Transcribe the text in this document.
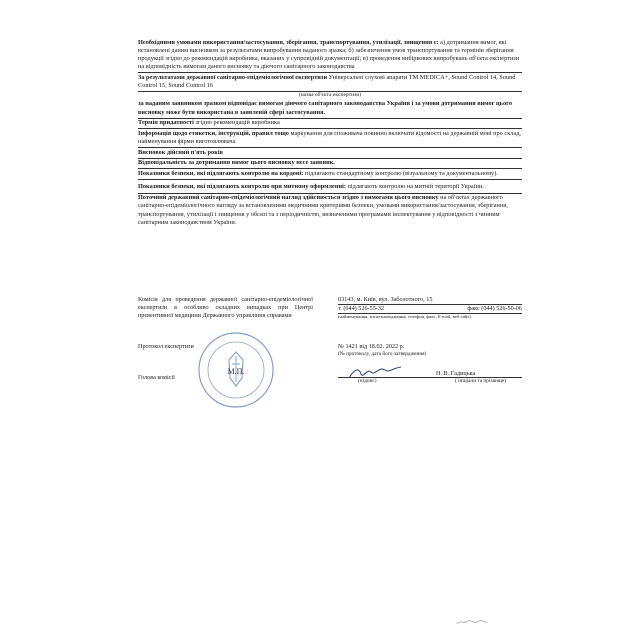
Необхідними умовами використання/застосування, зберігання, транспортування, утилізації, знищення є: а) дотримання вимог, які встановлені даним висновком за результатами випробування наданого зразка; б) забезпечення умов транспортування та термінів зберігання продукції згідно до рекомендацій виробника, вказаних у супровідній документації; в) проведення вибіркових випробувань об'єкта експертизи на відповідність вимогам даного висновку та діючого санітарного законодавства
За результатами державної санітарно-епідеміологічної експертизи Універсальні слухові апарати TM MEDICA+, Sound Control 14, Sound Control 15, Sound Control 16
(назва об'єкта експертизи)
за наданим заявником зразком відповідає вимогам діючого санітарного законодавства України і за умови дотримання вимог цього висновку може бути використана в заявленій сфері застосування.
Термін придатності згідно рекомендацій виробника
Інформація щодо етикетки, інструкцій, правил тощо маркування для споживача повинно включати відомості на державній мові про склад, найменування фірми виготовлювача
Висновок дійсний п'ять років
Відповідальність за дотримання вимог цього висновку несе заявник.
Показники безпеки, які підлягають контролю на кордоні: підлягають стандартному контролю (візуальному та документальному).
Показники безпеки, які підлягають контролю при митному оформленні: підлягають контролю на митній території України.
Поточний державний санітарно-епідеміологічний нагляд здійснюється згідно з вимогами цього висновку на об'єктах державного санітарно-епідеміологічного нагляду за встановленими медичними критеріями безпеки, умовами використання/застосування, зберігання, транспортування, утилізації і знищення у обсязі та з періодичністю, визначеними програмами інспектування у відповідності з чинним санітарним законодавством України.
Комісія для проведення державної санітарно-епідеміологічної експертизи в особливо складних випадках при Центрі превентивної медицини Державного управління справами
03143, м. Київ, вул. Заболотного, 15
т. (044) 526-55-32	факс (044) 526-50-06
(найменування, місцезнаходження, телефон, факс, E-mail, веб-сайт)
Протокол експертизи	№ 1421 від 18.02. 2022 р.
(№ протоколу, дата його затвердження)
Голова комісії
Н. В. Гадицька
(підпис)	( ініціали та прізвище)
М.П.
